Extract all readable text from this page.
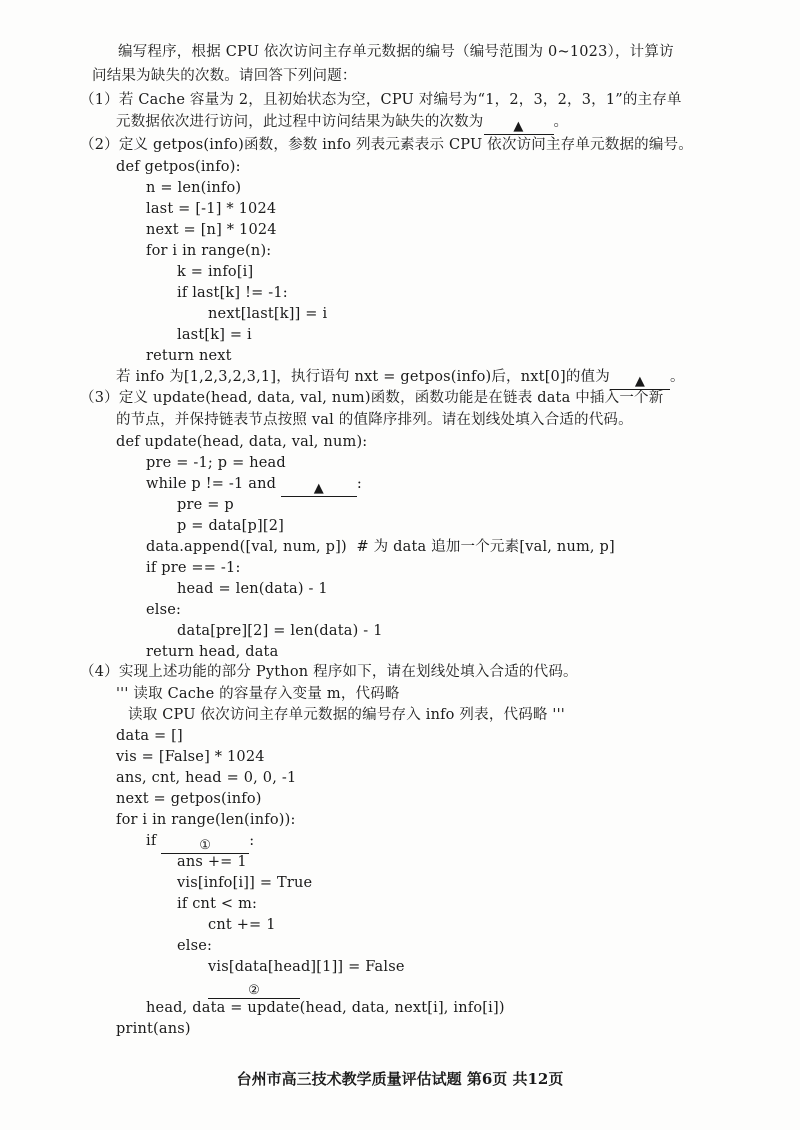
编写程序，根据 CPU 依次访问主存单元数据的编号（编号范围为 0~1023），计算访
问结果为缺失的次数。请回答下列问题：
（1）若 Cache 容量为 2，且初始状态为空，CPU 对编号为“1，2，3，2，3，1”的主存单
元数据依次进行访问，此过程中访问结果为缺失的次数为 ▲ 。
（2）定义 getpos(info)函数，参数 info 列表元素表示 CPU 依次访问主存单元数据的编号。
def getpos(info):
n = len(info)
last = [-1] * 1024
next = [n] * 1024
for i in range(n):
k = info[i]
if last[k] != -1:
next[last[k]] = i
last[k] = i
return next
若 info 为[1,2,3,2,3,1]，执行语句 nxt = getpos(info)后，nxt[0]的值为 ▲ 。
（3）定义 update(head, data, val, num)函数，函数功能是在链表 data 中插入一个新
的节点，并保持链表节点按照 val 的值降序排列。请在划线处填入合适的代码。
def update(head, data, val, num):
pre = -1; p = head
while p != -1 and	▲ :
pre = p
p = data[p][2]
data.append([val, num, p])  # 为 data 追加一个元素[val, num, p]
if pre == -1:
head = len(data) - 1
else:
data[pre][2] = len(data) - 1
return head, data
（4）实现上述功能的部分 Python 程序如下，请在划线处填入合适的代码。
''' 读取 Cache 的容量存入变量 m，代码略
读取 CPU 依次访问主存单元数据的编号存入 info 列表，代码略 '''
data = []
vis = [False] * 1024
ans, cnt, head = 0, 0, -1
next = getpos(info)
for i in range(len(info)):
if	①	:
ans += 1
vis[info[i]] = True
if cnt < m:
cnt += 1
else:
vis[data[head][1]] = False
②
head, data = update(head, data, next[i], info[i])
print(ans)
台州市高三技术教学质量评估试题 第6页 共12页
